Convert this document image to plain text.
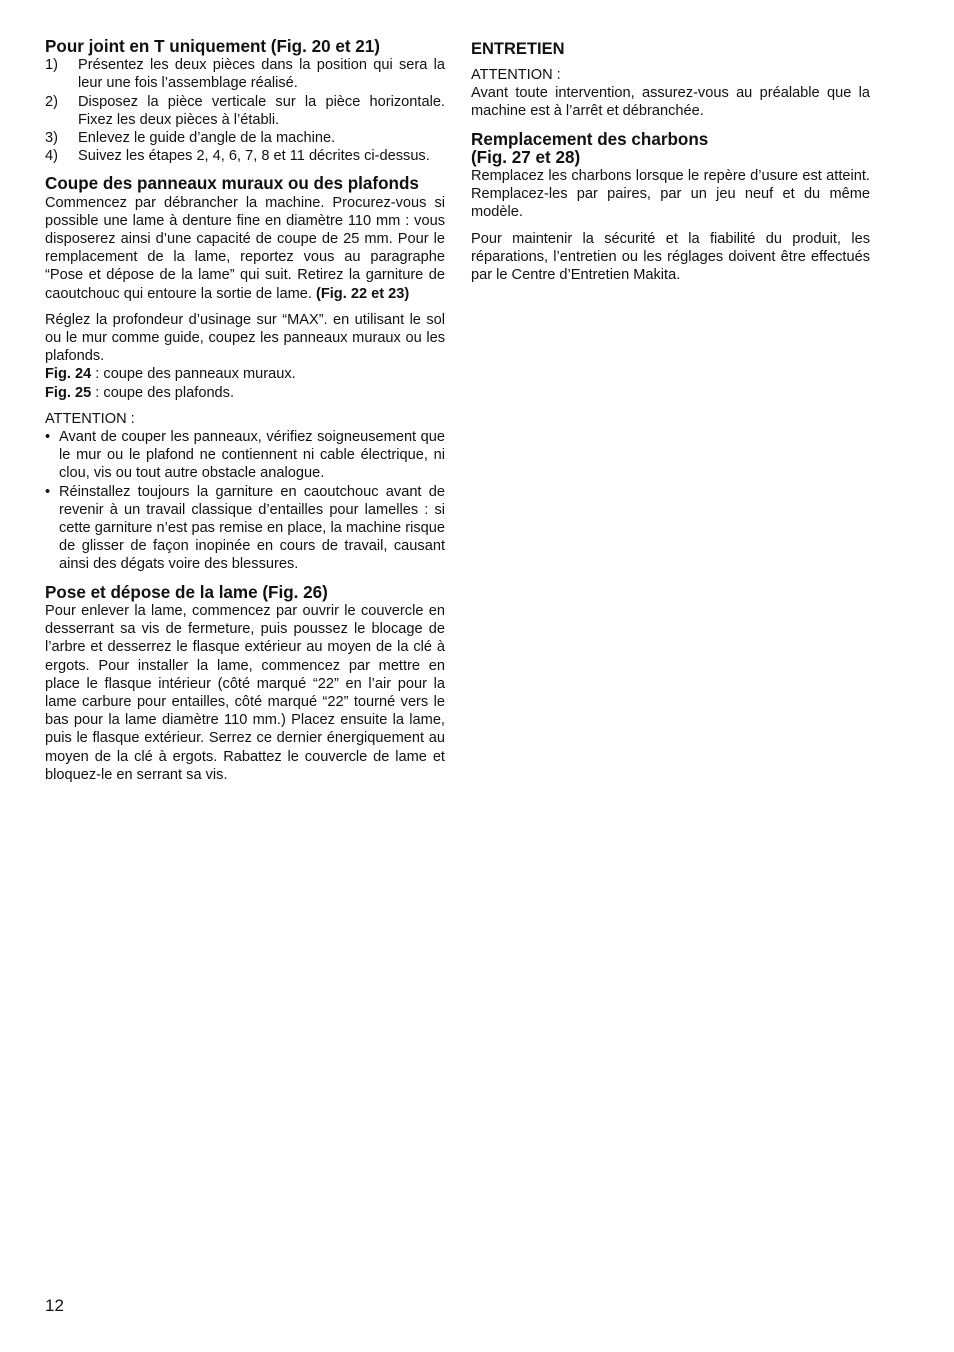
Pour joint en T uniquement (Fig. 20 et 21)
1)	Présentez les deux pièces dans la position qui sera la leur une fois l’assemblage réalisé.
2)	Disposez la pièce verticale sur la pièce horizontale. Fixez les deux pièces à l’établi.
3)	Enlevez le guide d’angle de la machine.
4)	Suivez les étapes 2, 4, 6, 7, 8 et 11 décrites ci-dessus.
Coupe des panneaux muraux ou des plafonds

Commencez par débrancher la machine. Procurez-vous si possible une lame à denture fine en diamètre 110 mm : vous disposerez ainsi d’une capacité de coupe de 25 mm. Pour le remplacement de la lame, reportez vous au paragraphe “Pose et dépose de la lame” qui suit. Retirez la garniture de caoutchouc qui entoure la sortie de lame. (Fig. 22 et 23)

Réglez la profondeur d’usinage sur “MAX”. en utilisant le sol ou le mur comme guide, coupez les panneaux muraux ou les plafonds.

Fig. 24 : coupe des panneaux muraux.

Fig. 25 : coupe des plafonds.

ATTENTION :

• Avant de couper les panneaux, vérifiez soigneusement que le mur ou le plafond ne contiennent ni cable électrique, ni clou, vis ou tout autre obstacle analogue.
• Réinstallez toujours la garniture en caoutchouc avant de revenir à un travail classique d’entailles pour lamelles : si cette garniture n’est pas remise en place, la machine risque de glisser de façon inopinée en cours de travail, causant ainsi des dégats voire des blessures.
Pose et dépose de la lame (Fig. 26)

Pour enlever la lame, commencez par ouvrir le couvercle en desserrant sa vis de fermeture, puis poussez le blocage de l’arbre et desserrez le flasque extérieur au moyen de la clé à ergots. Pour installer la lame, commencez par mettre en place le flasque intérieur (côté marqué “22” en l’air pour la lame carbure pour entailles, côté marqué “22” tourné vers le bas pour la lame diamètre 110 mm.) Placez ensuite la lame, puis le flasque extérieur. Serrez ce dernier énergiquement au moyen de la clé à ergots. Rabattez le couvercle de lame et bloquez-le en serrant sa vis.

ENTRETIEN

ATTENTION :

Avant toute intervention, assurez-vous au préalable que la machine est à l’arrêt et débranchée.

Remplacement des charbons
(Fig. 27 et 28)

Remplacez les charbons lorsque le repère d’usure est atteint. Remplacez-les par paires, par un jeu neuf et du même modèle.

Pour maintenir la sécurité et la fiabilité du produit, les réparations, l’entretien ou les réglages doivent être effectués par le Centre d’Entretien Makita.

12
